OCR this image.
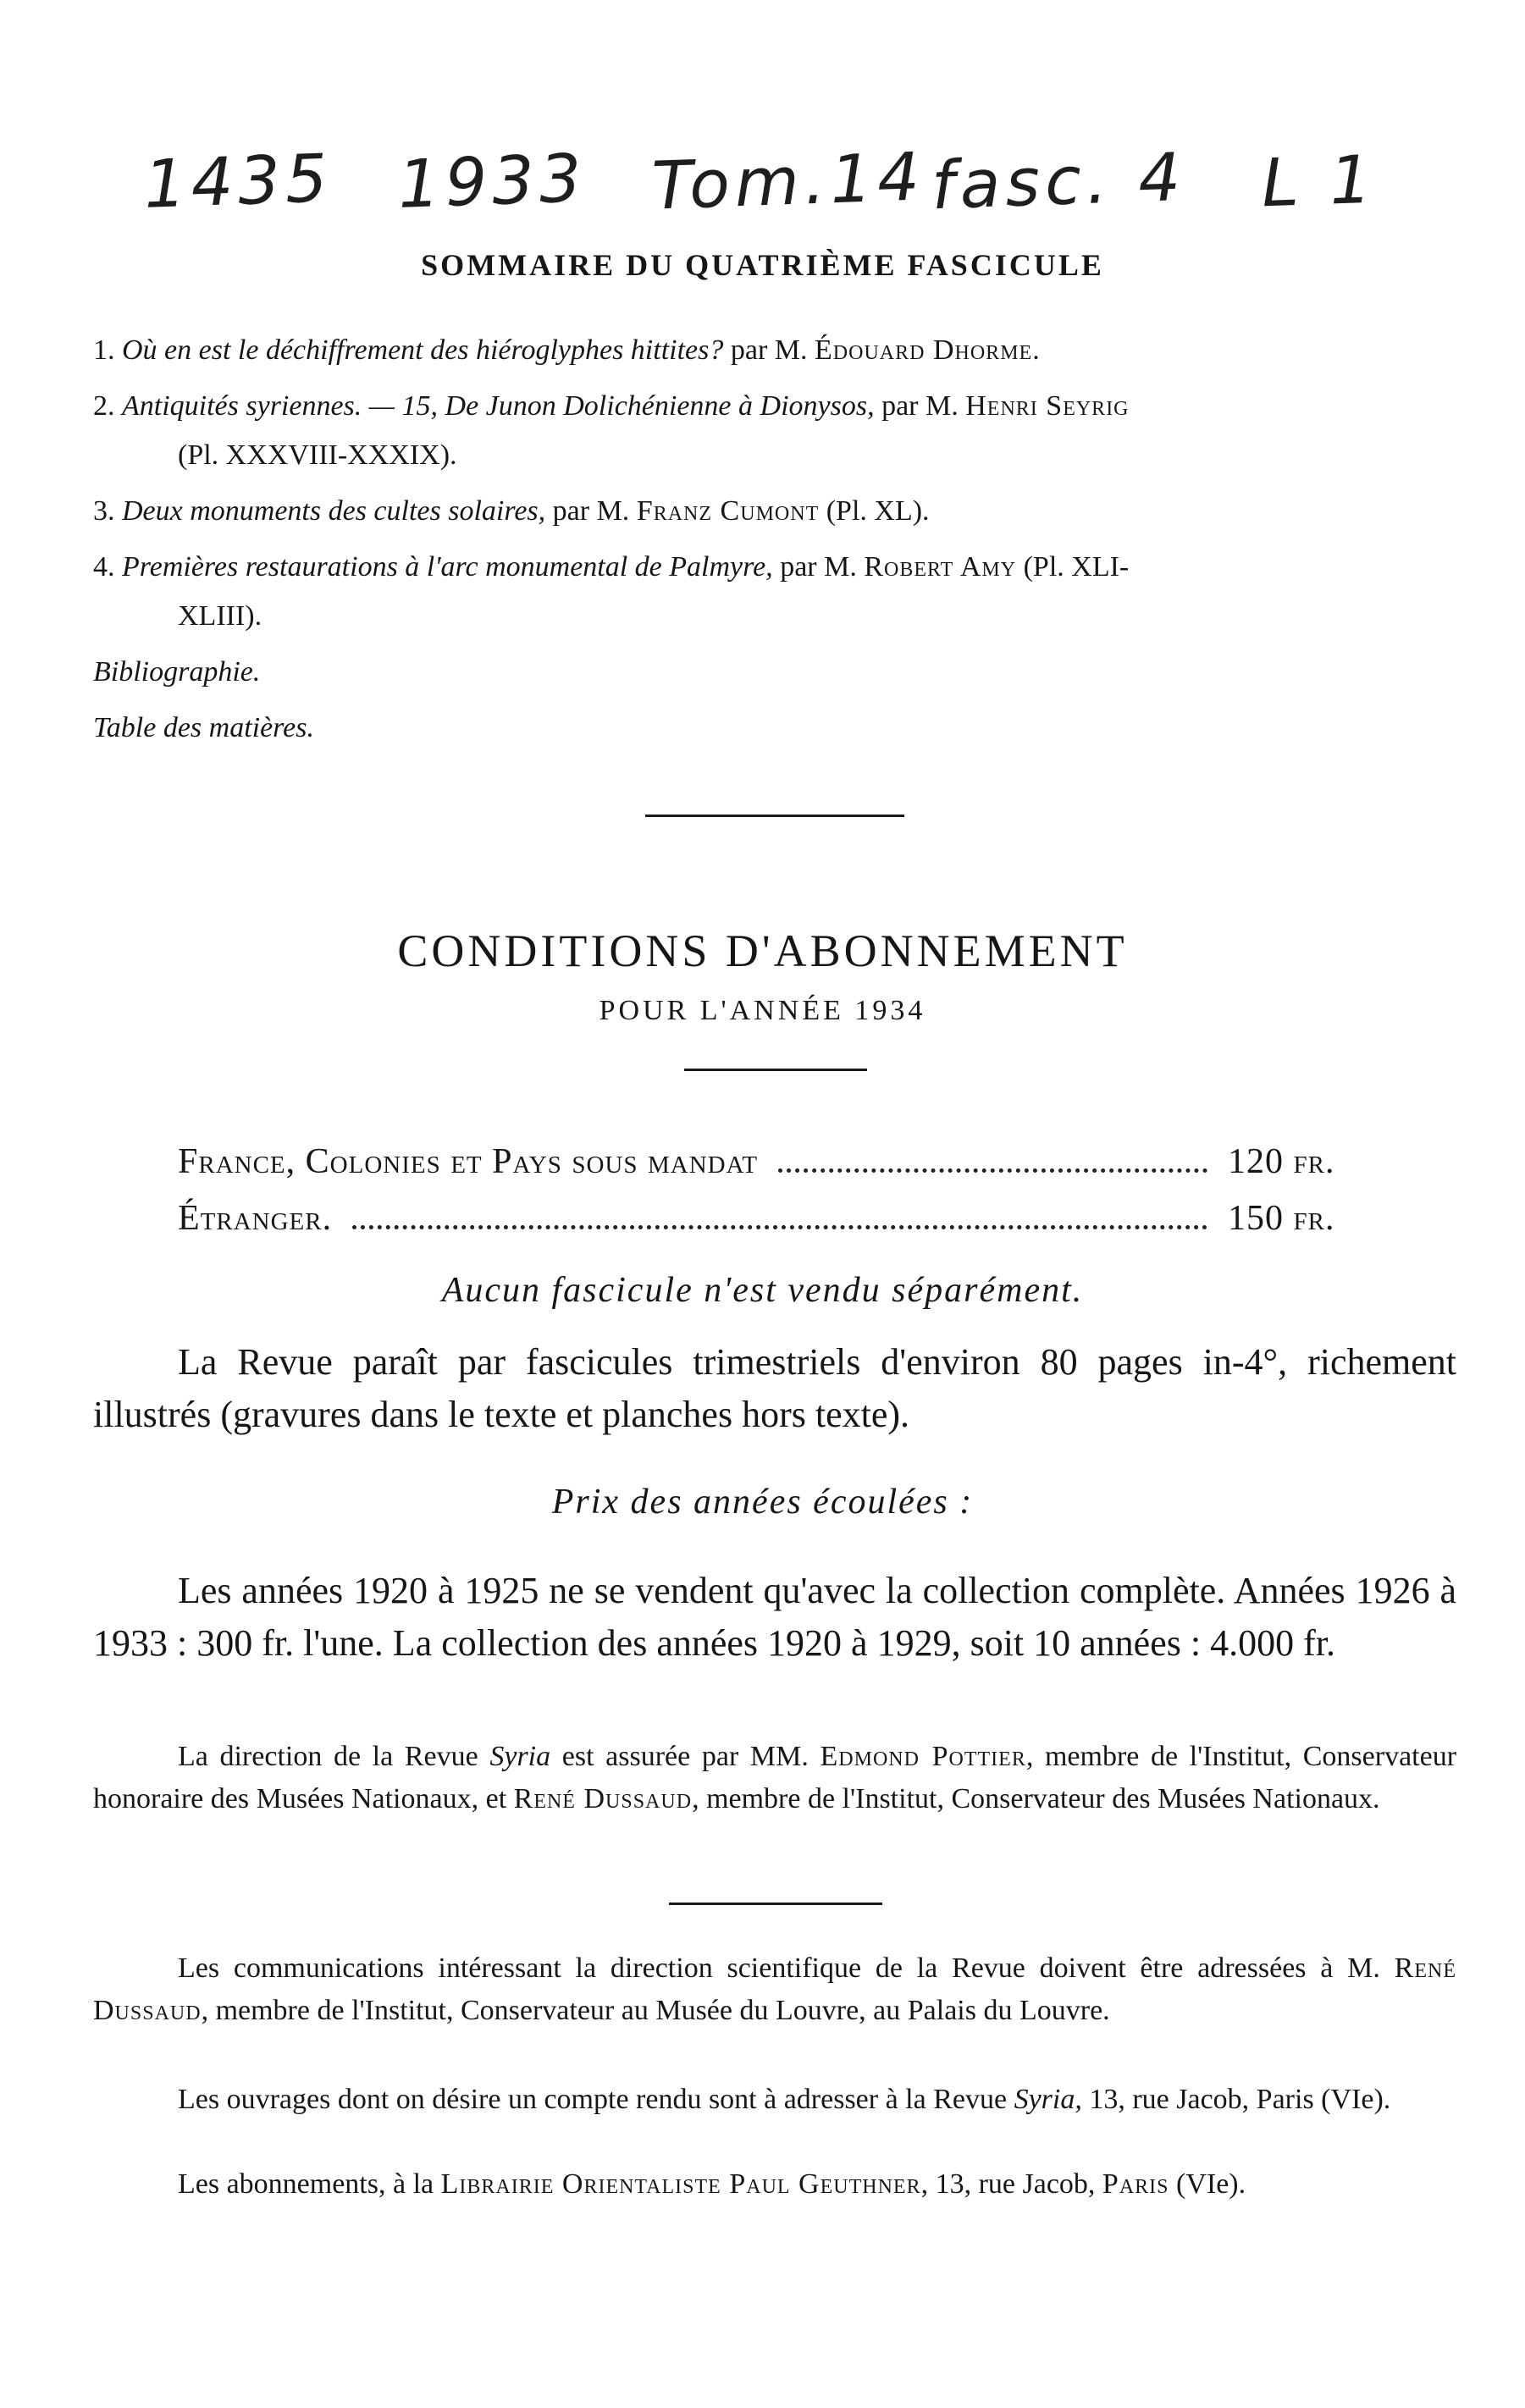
1435 1933 Tom.14 fasc. 4 L 1
SOMMAIRE DU QUATRIÈME FASCICULE
1. Où en est le déchiffrement des hiéroglyphes hittites? par M. Édouard Dhorme.
2. Antiquités syriennes. — 15, De Junon Dolichénienne à Dionysos, par M. Henri Seyrig
(Pl. XXXVIII-XXXIX).
3. Deux monuments des cultes solaires, par M. Franz Cumont (Pl. XL).
4. Premières restaurations à l'arc monumental de Palmyre, par M. Robert Amy (Pl. XLI-
XLIII).
Bibliographie.
Table des matières.
CONDITIONS D'ABONNEMENT
POUR L'ANNÉE 1934
France, Colonies et Pays sous mandat	120 fr.
Étranger.	150 fr.
Aucun fascicule n'est vendu séparément.
La Revue paraît par fascicules trimestriels d'environ 80 pages in-4°, richement illustrés (gravures dans le texte et planches hors texte).
Prix des années écoulées :
Les années 1920 à 1925 ne se vendent qu'avec la collection complète. Années 1926 à 1933 : 300 fr. l'une. La collection des années 1920 à 1929, soit 10 années : 4.000 fr.
La direction de la Revue Syria est assurée par MM. Edmond Pottier, membre de l'Institut, Conservateur honoraire des Musées Nationaux, et René Dussaud, membre de l'Institut, Conservateur des Musées Nationaux.
Les communications intéressant la direction scientifique de la Revue doivent être adressées à M. René Dussaud, membre de l'Institut, Conservateur au Musée du Louvre, au Palais du Louvre.
Les ouvrages dont on désire un compte rendu sont à adresser à la Revue Syria, 13, rue Jacob, Paris (VIe).
Les abonnements, à la Librairie Orientaliste Paul Geuthner, 13, rue Jacob, Paris (VIe).
